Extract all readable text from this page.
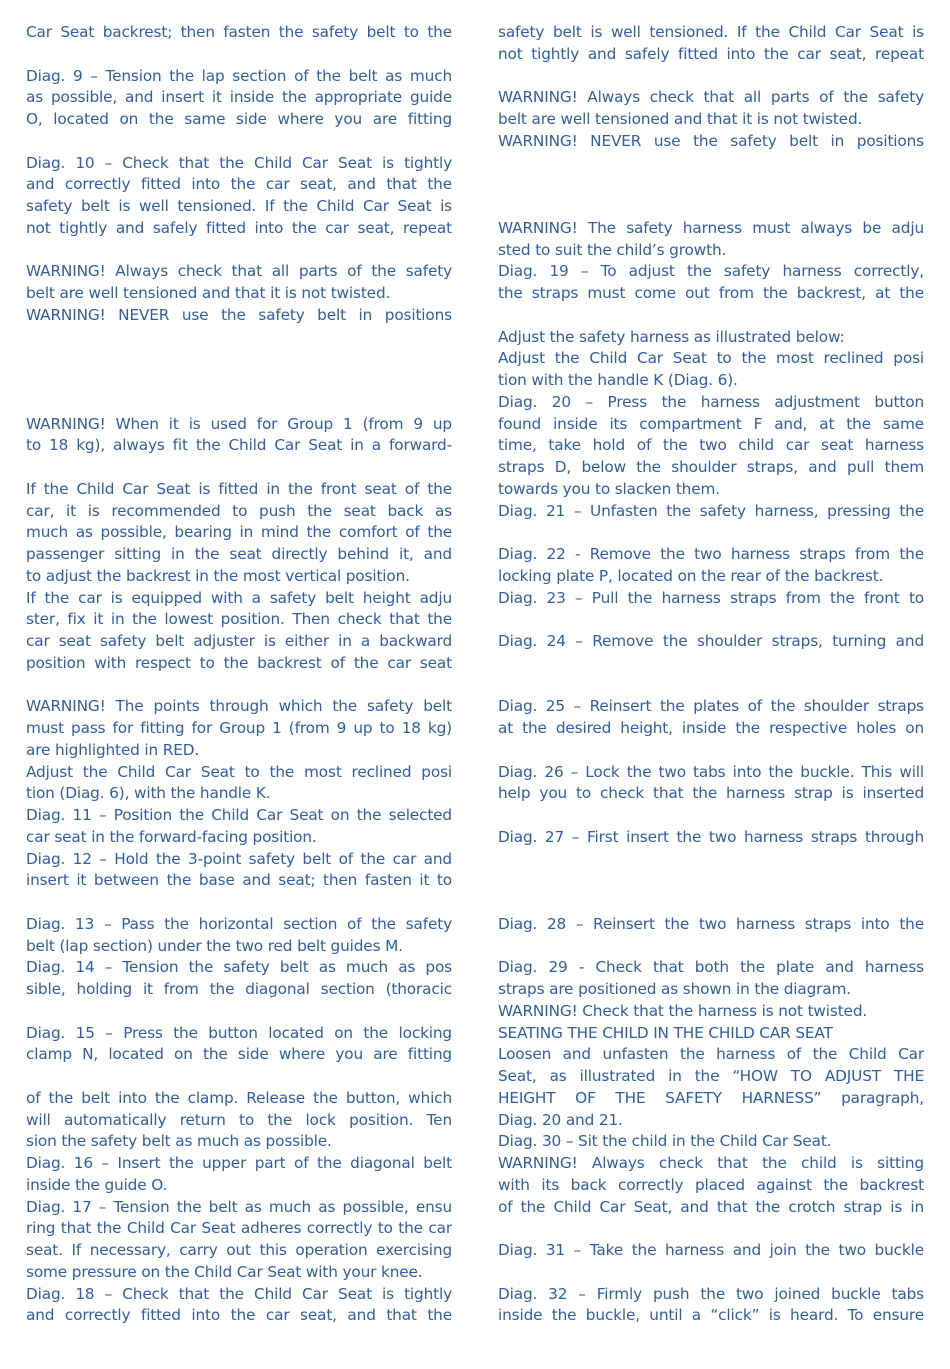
Car Seat backrest; then fasten the safety belt to the
Diag. 9 – Tension the lap section of the belt as much
as possible, and insert it inside the appropriate guide
O, located on the same side where you are fitting
Diag. 10 – Check that the Child Car Seat is tightly
and correctly fitted into the car seat, and that the
safety belt is well tensioned. If the Child Car Seat is
not tightly and safely fitted into the car seat, repeat
WARNING! Always check that all parts of the safety
belt are well tensioned and that it is not twisted.
WARNING! NEVER use the safety belt in positions
WARNING! When it is used for Group 1 (from 9 up
to 18 kg), always fit the Child Car Seat in a forward-
If the Child Car Seat is fitted in the front seat of the
car, it is recommended to push the seat back as
much as possible, bearing in mind the comfort of the
passenger sitting in the seat directly behind it, and
to adjust the backrest in the most vertical position.
If the car is equipped with a safety belt height adju
ster, fix it in the lowest position. Then check that the
car seat safety belt adjuster is either in a backward
position with respect to the backrest of the car seat
WARNING! The points through which the safety belt
must pass for fitting for Group 1 (from 9 up to 18 kg)
are highlighted in RED.
Adjust the Child Car Seat to the most reclined posi
tion (Diag. 6), with the handle K.
Diag. 11 – Position the Child Car Seat on the selected
car seat in the forward-facing position.
Diag. 12 – Hold the 3-point safety belt of the car and
insert it between the base and seat; then fasten it to
Diag. 13 – Pass the horizontal section of the safety
belt (lap section) under the two red belt guides M.
Diag. 14 – Tension the safety belt as much as pos
sible, holding it from the diagonal section (thoracic
Diag. 15 – Press the button located on the locking
clamp N, located on the side where you are fitting
of the belt into the clamp. Release the button, which
will automatically return to the lock position. Ten
sion the safety belt as much as possible.
Diag. 16 – Insert the upper part of the diagonal belt
inside the guide O.
Diag. 17 – Tension the belt as much as possible, ensu
ring that the Child Car Seat adheres correctly to the car
seat. If necessary, carry out this operation exercising
some pressure on the Child Car Seat with your knee.
Diag. 18 – Check that the Child Car Seat is tightly
and correctly fitted into the car seat, and that the
safety belt is well tensioned. If the Child Car Seat is
not tightly and safely fitted into the car seat, repeat
WARNING! Always check that all parts of the safety
belt are well tensioned and that it is not twisted.
WARNING! NEVER use the safety belt in positions
WARNING! The safety harness must always be adju
sted to suit the child’s growth.
Diag. 19 – To adjust the safety harness correctly,
the straps must come out from the backrest, at the
Adjust the safety harness as illustrated below:
Adjust the Child Car Seat to the most reclined posi
tion with the handle K (Diag. 6).
Diag. 20 – Press the harness adjustment button
found inside its compartment F and, at the same
time, take hold of the two child car seat harness
straps D, below the shoulder straps, and pull them
towards you to slacken them.
Diag. 21 – Unfasten the safety harness, pressing the
Diag. 22 - Remove the two harness straps from the
locking plate P, located on the rear of the backrest.
Diag. 23 – Pull the harness straps from the front to
Diag. 24 – Remove the shoulder straps, turning and
Diag. 25 – Reinsert the plates of the shoulder straps
at the desired height, inside the respective holes on
Diag. 26 – Lock the two tabs into the buckle. This will
help you to check that the harness strap is inserted
Diag. 27 – First insert the two harness straps through
Diag. 28 – Reinsert the two harness straps into the
Diag. 29 - Check that both the plate and harness
straps are positioned as shown in the diagram.
WARNING! Check that the harness is not twisted.
SEATING THE CHILD IN THE CHILD CAR SEAT
Loosen and unfasten the harness of the Child Car
Seat, as illustrated in the “HOW TO ADJUST THE
HEIGHT OF THE SAFETY HARNESS” paragraph,
Diag. 20 and 21.
Diag. 30 – Sit the child in the Child Car Seat.
WARNING! Always check that the child is sitting
with its back correctly placed against the backrest
of the Child Car Seat, and that the crotch strap is in
Diag. 31 – Take the harness and join the two buckle
Diag. 32 – Firmly push the two joined buckle tabs
inside the buckle, until a “click” is heard. To ensure
